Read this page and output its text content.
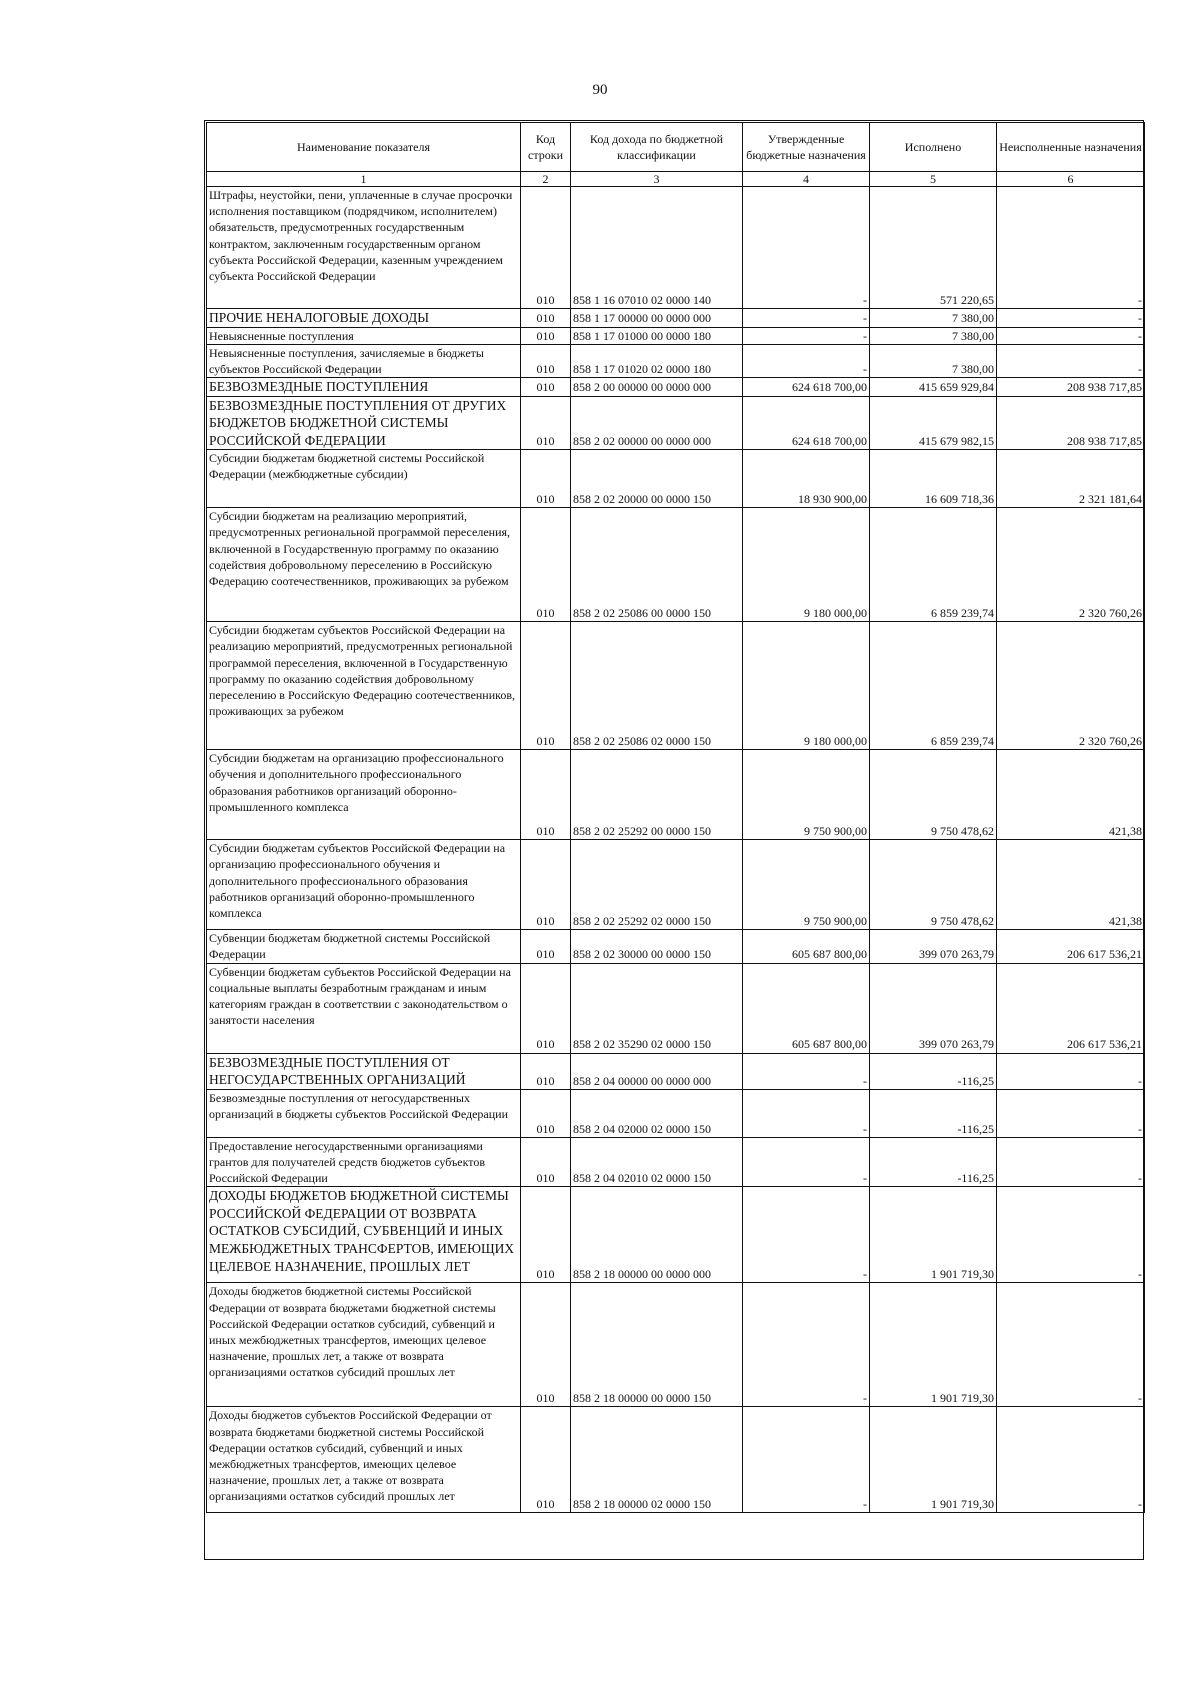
90
Наименование показателя	Код строки	Код дохода по бюджетной классификации	Утвержденные бюджетные назначения	Исполнено	Неисполненные назначения
1	2	3	4	5	6
Штрафы, неустойки, пени, уплаченные в случае просрочки исполнения поставщиком (подрядчиком, исполнителем) обязательств, предусмотренных государственным контрактом, заключенным государственным органом субъекта Российской Федерации, казенным учреждением субъекта Российской Федерации	010	858 1 16 07010 02 0000 140	-	571 220,65	-
ПРОЧИЕ НЕНАЛОГОВЫЕ ДОХОДЫ	010	858 1 17 00000 00 0000 000	-	7 380,00	-
Невыясненные поступления	010	858 1 17 01000 00 0000 180	-	7 380,00	-
Невыясненные поступления, зачисляемые в бюджеты субъектов Российской Федерации	010	858 1 17 01020 02 0000 180	-	7 380,00	-
БЕЗВОЗМЕЗДНЫЕ ПОСТУПЛЕНИЯ	010	858 2 00 00000 00 0000 000	624 618 700,00	415 659 929,84	208 938 717,85
БЕЗВОЗМЕЗДНЫЕ ПОСТУПЛЕНИЯ ОТ ДРУГИХ БЮДЖЕТОВ БЮДЖЕТНОЙ СИСТЕМЫ РОССИЙСКОЙ ФЕДЕРАЦИИ	010	858 2 02 00000 00 0000 000	624 618 700,00	415 679 982,15	208 938 717,85
Субсидии бюджетам бюджетной системы Российской Федерации (межбюджетные субсидии)	010	858 2 02 20000 00 0000 150	18 930 900,00	16 609 718,36	2 321 181,64
Субсидии бюджетам на реализацию мероприятий, предусмотренных региональной программой переселения, включенной в Государственную программу по оказанию содействия добровольному переселению в Российскую Федерацию соотечественников, проживающих за рубежом	010	858 2 02 25086 00 0000 150	9 180 000,00	6 859 239,74	2 320 760,26
Субсидии бюджетам субъектов Российской Федерации на реализацию мероприятий, предусмотренных региональной программой переселения, включенной в Государственную программу по оказанию содействия добровольному переселению в Российскую Федерацию соотечественников, проживающих за рубежом	010	858 2 02 25086 02 0000 150	9 180 000,00	6 859 239,74	2 320 760,26
Субсидии бюджетам на организацию профессионального обучения и дополнительного профессионального образования работников организаций оборонно-промышленного комплекса	010	858 2 02 25292 00 0000 150	9 750 900,00	9 750 478,62	421,38
Субсидии бюджетам субъектов Российской Федерации на организацию профессионального обучения и дополнительного профессионального образования работников организаций оборонно-промышленного комплекса	010	858 2 02 25292 02 0000 150	9 750 900,00	9 750 478,62	421,38
Субвенции бюджетам бюджетной системы Российской Федерации	010	858 2 02 30000 00 0000 150	605 687 800,00	399 070 263,79	206 617 536,21
Субвенции бюджетам субъектов Российской Федерации на социальные выплаты безработным гражданам и иным категориям граждан в соответствии с законодательством о занятости населения	010	858 2 02 35290 02 0000 150	605 687 800,00	399 070 263,79	206 617 536,21
БЕЗВОЗМЕЗДНЫЕ ПОСТУПЛЕНИЯ ОТ НЕГОСУДАРСТВЕННЫХ ОРГАНИЗАЦИЙ	010	858 2 04 00000 00 0000 000	-	-116,25	-
Безвозмездные поступления от негосударственных организаций в бюджеты субъектов Российской Федерации	010	858 2 04 02000 02 0000 150	-	-116,25	-
Предоставление негосударственными организациями грантов для получателей средств бюджетов субъектов Российской Федерации	010	858 2 04 02010 02 0000 150	-	-116,25	-
ДОХОДЫ БЮДЖЕТОВ БЮДЖЕТНОЙ СИСТЕМЫ РОССИЙСКОЙ ФЕДЕРАЦИИ ОТ ВОЗВРАТА ОСТАТКОВ СУБСИДИЙ, СУБВЕНЦИЙ И ИНЫХ МЕЖБЮДЖЕТНЫХ ТРАНСФЕРТОВ, ИМЕЮЩИХ ЦЕЛЕВОЕ НАЗНАЧЕНИЕ, ПРОШЛЫХ ЛЕТ	010	858 2 18 00000 00 0000 000	-	1 901 719,30	-
Доходы бюджетов бюджетной системы Российской Федерации от возврата бюджетами бюджетной системы Российской Федерации остатков субсидий, субвенций и иных межбюджетных трансфертов, имеющих целевое назначение, прошлых лет, а также от возврата организациями остатков субсидий прошлых лет	010	858 2 18 00000 00 0000 150	-	1 901 719,30	-
Доходы бюджетов субъектов Российской Федерации от возврата бюджетами бюджетной системы Российской Федерации остатков субсидий, субвенций и иных межбюджетных трансфертов, имеющих целевое назначение, прошлых лет, а также от возврата организациями остатков субсидий прошлых лет	010	858 2 18 00000 02 0000 150	-	1 901 719,30	-
